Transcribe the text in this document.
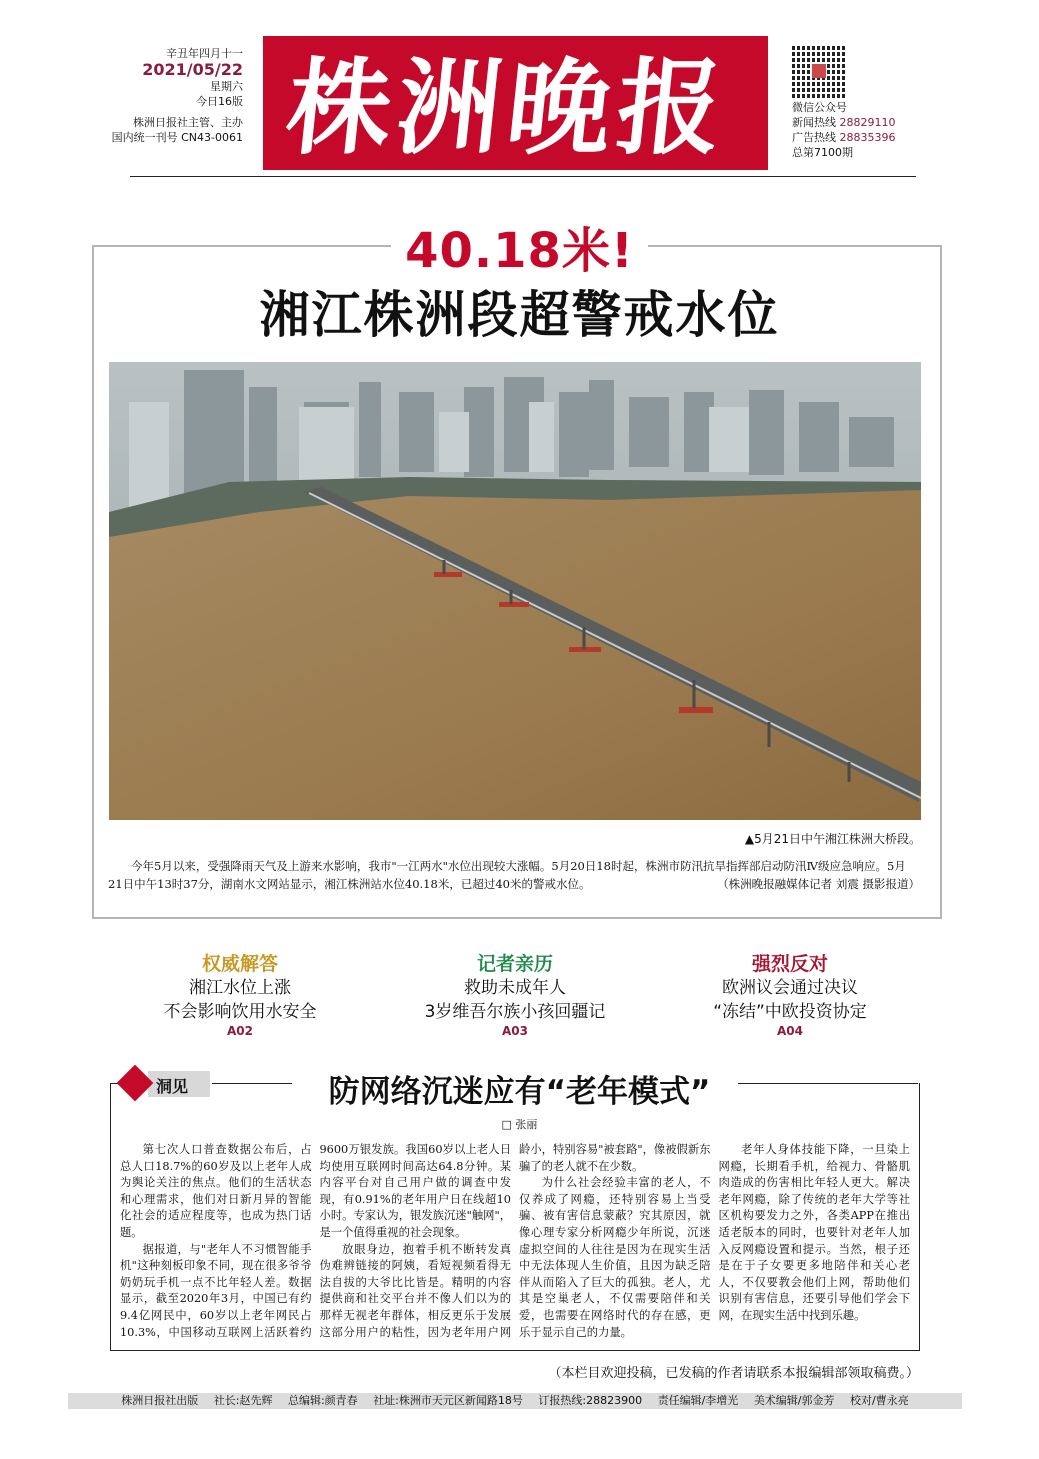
辛丑年四月十一
2021/05/22
星期六
今日16版
株洲日报社主管、主办
国内统一刊号 CN43-0061 株洲晚报	微信公众号
新闻热线 28829110
广告热线 28835396
总第7100期
40.18米!
湘江株洲段超警戒水位
▲5月21日中午湘江株洲大桥段。
今年5月以来，受强降雨天气及上游来水影响，我市"一江两水"水位出现较大涨幅。5月20日18时起，株洲市防汛抗旱指挥部启动防汛Ⅳ级应急响应。5月21日中午13时37分，湖南水文网站显示，湘江株洲站水位40.18米，已超过40米的警戒水位。	（株洲晚报融媒体记者 刘震 摄影报道）
权威解答
湘江水位上涨
不会影响饮用水安全
A02
记者亲历
救助未成年人
3岁维吾尔族小孩回疆记
A03
强烈反对
欧洲议会通过决议
“冻结”中欧投资协定
A04
洞见	防网络沉迷应有“老年模式”
□ 张丽

第七次人口普查数据公布后，占总人口18.7%的60岁及以上老年人成为舆论关注的焦点。他们的生活状态和心理需求，他们对日新月异的智能化社会的适应程度等，也成为热门话题。

据报道，与"老年人不习惯智能手机"这种刻板印象不同，现在很多爷爷奶奶玩手机一点不比年轻人差。数据显示，截至2020年3月，中国已有约9.4亿网民中，60岁以上老年网民占10.3%，中国移动互联网上活跃着约9600万银发族。我国60岁以上老人日均使用互联网时间高达64.8分钟。某内容平台对自己用户做的调查中发现，有0.91%的老年用户日在线超10小时。专家认为，银发族沉迷"触网"，是一个值得重视的社会现象。

放眼身边，抱着手机不断转发真伪难辨链接的阿姨，看短视频看得无法自拔的大爷比比皆是。精明的内容提供商和社交平台并不像人们以为的那样无视老年群体，相反更乐于发展这部分用户的粘性，因为老年用户网龄小，特别容易"被套路"，像被假新东骗了的老人就不在少数。

为什么社会经验丰富的老人，不仅养成了网瘾，还特别容易上当受骗、被有害信息蒙蔽？究其原因，就像心理专家分析网瘾少年所说，沉迷虚拟空间的人往往是因为在现实生活中无法体现人生价值，且因为缺乏陪伴从而陷入了巨大的孤独。老人，尤其是空巢老人，不仅需要陪伴和关爱，也需要在网络时代的存在感，更乐于显示自己的力量。

老年人身体技能下降，一旦染上网瘾，长期看手机，给视力、骨骼肌肉造成的伤害相比年轻人更大。解决老年网瘾，除了传统的老年大学等社区机构要发力之外，各类APP在推出适老版本的同时，也要针对老年人加入反网瘾设置和提示。当然，根子还是在于子女要更多地陪伴和关心老人，不仅要教会他们上网，帮助他们识别有害信息，还要引导他们学会下网，在现实生活中找到乐趣。

（本栏目欢迎投稿，已发稿的作者请联系本报编辑部领取稿费。）
株洲日报社出版 社长:赵先辉 总编辑:颜青春 社址:株洲市天元区新闻路18号 订报热线:28823900 责任编辑/李增光 美术编辑/郭金芳 校对/曹永亮
